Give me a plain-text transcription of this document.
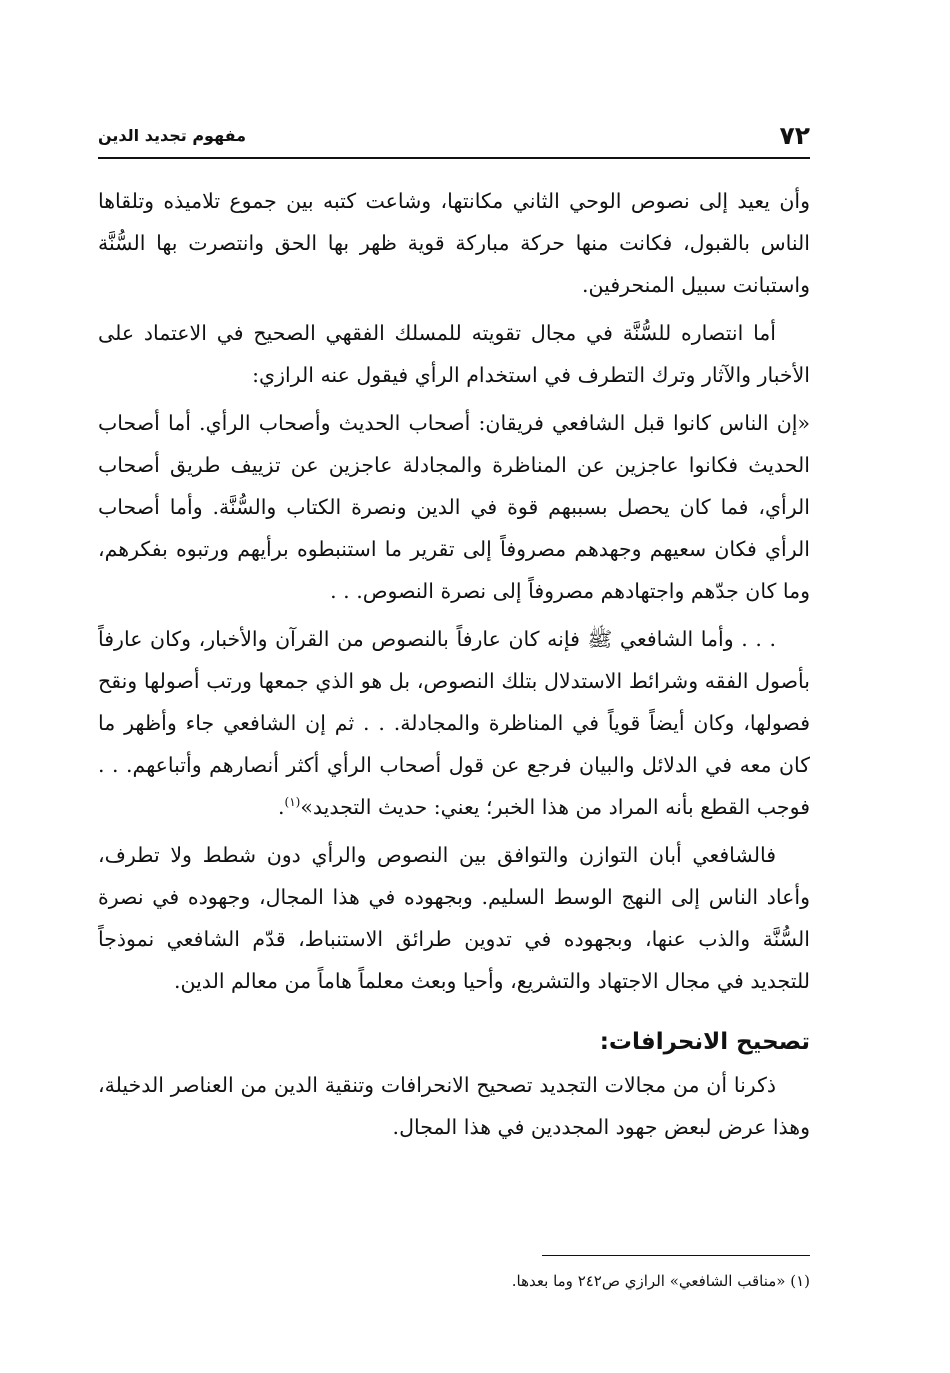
٧٢
مفهوم تجديد الدين

وأن يعيد إلى نصوص الوحي الثاني مكانتها، وشاعت كتبه بين جموع تلاميذه وتلقاها الناس بالقبول، فكانت منها حركة مباركة قوية ظهر بها الحق وانتصرت بها السُّنَّة واستبانت سبيل المنحرفين.

أما انتصاره للسُّنَّة في مجال تقويته للمسلك الفقهي الصحيح في الاعتماد على الأخبار والآثار وترك التطرف في استخدام الرأي فيقول عنه الرازي:

«إن الناس كانوا قبل الشافعي فريقان: أصحاب الحديث وأصحاب الرأي. أما أصحاب الحديث فكانوا عاجزين عن المناظرة والمجادلة عاجزين عن تزييف طريق أصحاب الرأي، فما كان يحصل بسببهم قوة في الدين ونصرة الكتاب والسُّنَّة. وأما أصحاب الرأي فكان سعيهم وجهدهم مصروفاً إلى تقرير ما استنبطوه برأيهم ورتبوه بفكرهم، وما كان جدّهم واجتهادهم مصروفاً إلى نصرة النصوص. . .

. . . وأما الشافعي ﷺ فإنه كان عارفاً بالنصوص من القرآن والأخبار، وكان عارفاً بأصول الفقه وشرائط الاستدلال بتلك النصوص، بل هو الذي جمعها ورتب أصولها ونقح فصولها، وكان أيضاً قوياً في المناظرة والمجادلة. . . ثم إن الشافعي جاء وأظهر ما كان معه في الدلائل والبيان فرجع عن قول أصحاب الرأي أكثر أنصارهم وأتباعهم. . . فوجب القطع بأنه المراد من هذا الخبر؛ يعني: حديث التجديد»$^{(١)}$.

فالشافعي أبان التوازن والتوافق بين النصوص والرأي دون شطط ولا تطرف، وأعاد الناس إلى النهج الوسط السليم. وبجهوده في هذا المجال، وجهوده في نصرة السُّنَّة والذب عنها، وبجهوده في تدوين طرائق الاستنباط، قدّم الشافعي نموذجاً للتجديد في مجال الاجتهاد والتشريع، وأحيا وبعث معلماً هاماً من معالم الدين.

تصحيح الانحرافات:

ذكرنا أن من مجالات التجديد تصحيح الانحرافات وتنقية الدين من العناصر الدخيلة، وهذا عرض لبعض جهود المجددين في هذا المجال.

(١) «مناقب الشافعي» الرازي ص٢٤٢ وما بعدها.
